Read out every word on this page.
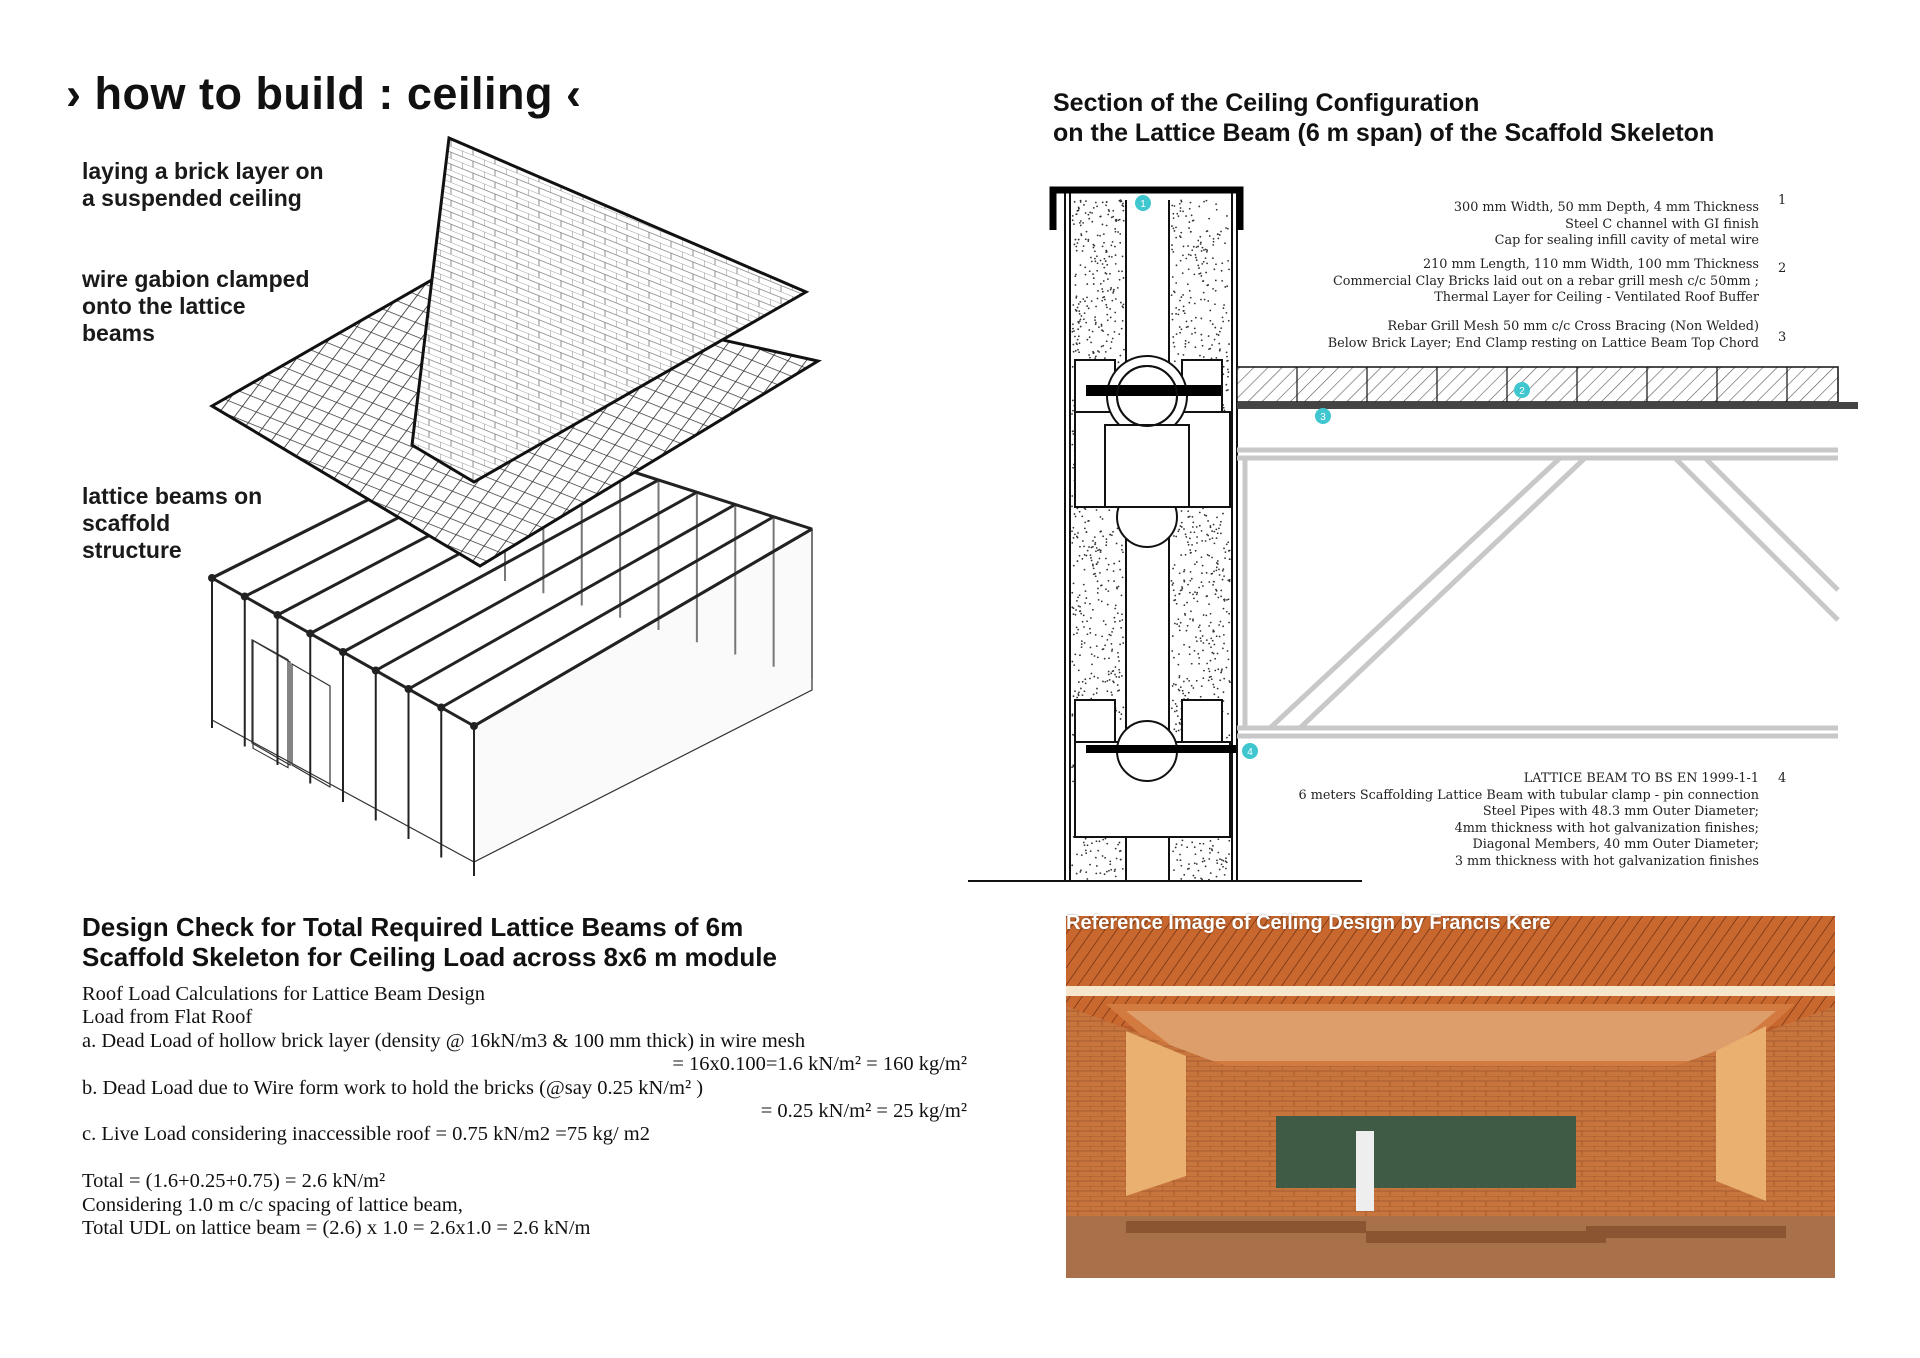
› how to build : ceiling ‹
laying a brick layer on
a suspended ceiling
wire gabion clamped
onto the lattice
beams
lattice beams on
scaffold
structure
Section of the Ceiling Configuration
on the Lattice Beam (6 m span) of the Scaffold Skeleton
1
2
3
4
300 mm Width, 50 mm Depth, 4 mm Thickness
Steel C channel with GI finish
Cap for sealing infill cavity of metal wire
1
210 mm Length, 110 mm Width, 100 mm Thickness
Commercial Clay Bricks laid out on a rebar grill mesh c/c 50mm ;
Thermal Layer for Ceiling - Ventilated Roof Buffer
2
Rebar Grill Mesh 50 mm c/c Cross Bracing (Non Welded)
Below Brick Layer; End Clamp resting on Lattice Beam Top Chord 3
LATTICE BEAM TO BS EN 1999-1-1
6 meters Scaffolding Lattice Beam with tubular clamp - pin connection
Steel Pipes with 48.3 mm Outer Diameter;
4mm thickness with hot galvanization finishes;
Diagonal Members, 40 mm Outer Diameter;
3 mm thickness with hot galvanization finishes
4
Design Check for Total Required Lattice Beams of 6m
Scaffold Skeleton for Ceiling Load across 8x6 m module
Roof Load Calculations for Lattice Beam Design
Load from Flat Roof
a. Dead Load of hollow brick layer (density @ 16kN/m3 & 100 mm thick) in wire mesh
= 16x0.100=1.6 kN/m² = 160 kg/m²
b. Dead Load due to Wire form work to hold the bricks (@say 0.25 kN/m² )
= 0.25 kN/m² = 25 kg/m²
c. Live Load considering inaccessible roof = 0.75 kN/m2 =75 kg/ m2
Total = (1.6+0.25+0.75) = 2.6 kN/m²
Considering 1.0 m c/c spacing of lattice beam,
Total UDL on lattice beam = (2.6) x 1.0 = 2.6x1.0 = 2.6 kN/m
Reference Image of Ceiling Design by Francis Kere
